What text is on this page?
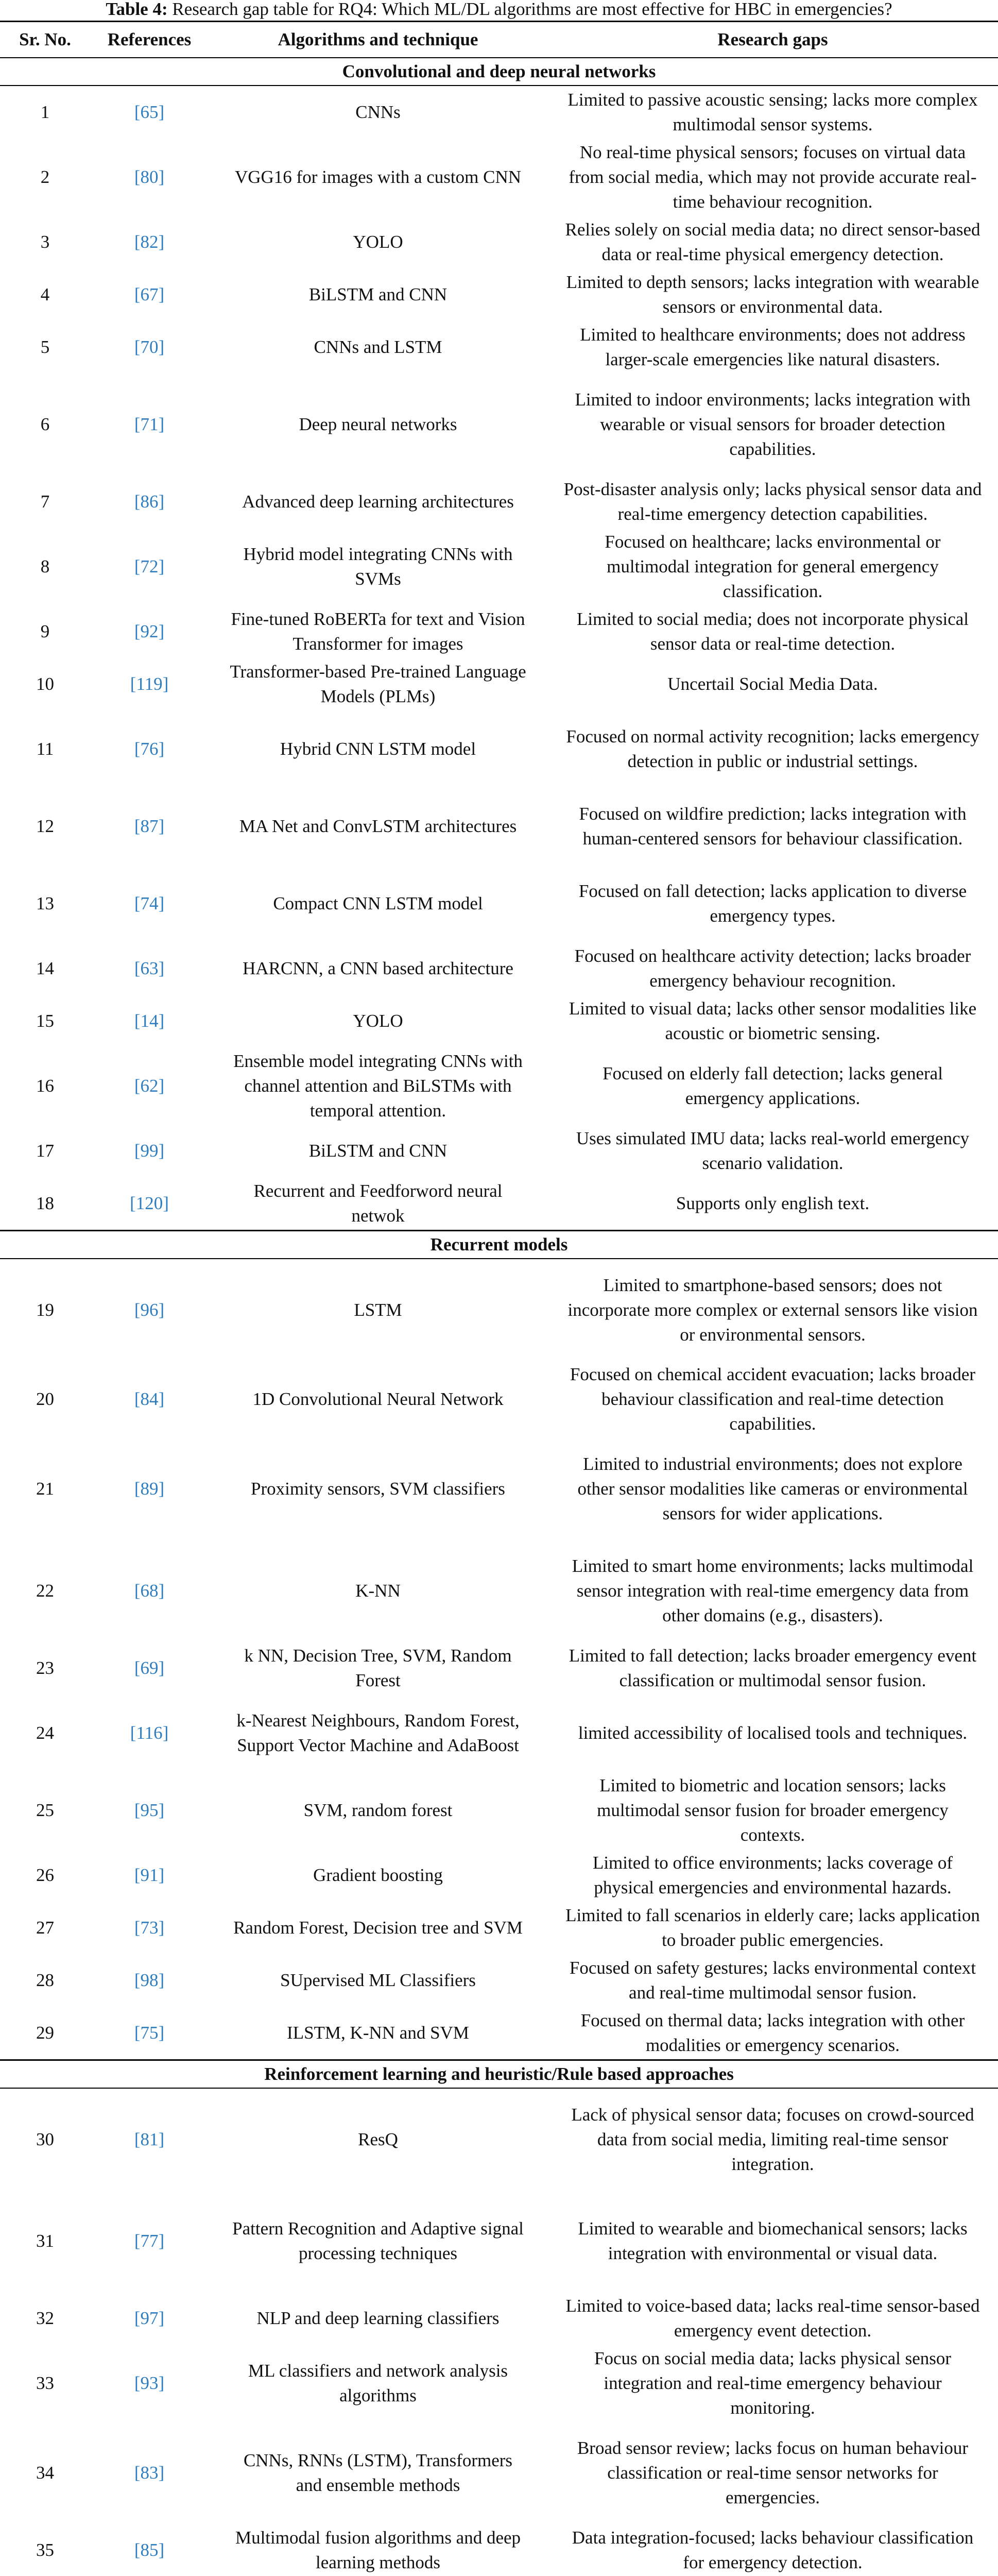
Table 4: Research gap table for RQ4: Which ML/DL algorithms are most effective for HBC in emergencies?
Sr. No.	References	Algorithms and technique	Research gaps
Convolutional and deep neural networks			
1	[65]	CNNs	Limited to passive acoustic sensing; lacks more complex multimodal sensor systems.
2	[80]	VGG16 for images with a custom CNN	No real-time physical sensors; focuses on virtual data from social media, which may not provide accurate real-time behaviour recognition.
3	[82]	YOLO	Relies solely on social media data; no direct sensor-based data or real-time physical emergency detection.
4	[67]	BiLSTM and CNN	Limited to depth sensors; lacks integration with wearable sensors or environmental data.
5	[70]	CNNs and LSTM	Limited to healthcare environments; does not address larger-scale emergencies like natural disasters.
6	[71]	Deep neural networks	Limited to indoor environments; lacks integration with wearable or visual sensors for broader detection capabilities.
7	[86]	Advanced deep learning architectures	Post-disaster analysis only; lacks physical sensor data and real-time emergency detection capabilities.
8	[72]	Hybrid model integrating CNNs with SVMs	Focused on healthcare; lacks environmental or multimodal integration for general emergency classification.
9	[92]	Fine-tuned RoBERTa for text and Vision Transformer for images	Limited to social media; does not incorporate physical sensor data or real-time detection.
10	[119]	Transformer-based Pre-trained Language Models (PLMs)	Uncertail Social Media Data.
11	[76]	Hybrid CNN LSTM model	Focused on normal activity recognition; lacks emergency detection in public or industrial settings.
12	[87]	MA Net and ConvLSTM architectures	Focused on wildfire prediction; lacks integration with human-centered sensors for behaviour classification.
13	[74]	Compact CNN LSTM model	Focused on fall detection; lacks application to diverse emergency types.
14	[63]	HARCNN, a CNN based architecture	Focused on healthcare activity detection; lacks broader emergency behaviour recognition.
15	[14]	YOLO	Limited to visual data; lacks other sensor modalities like acoustic or biometric sensing.
16	[62]	Ensemble model integrating CNNs with channel attention and BiLSTMs with temporal attention.	Focused on elderly fall detection; lacks general emergency applications.
17	[99]	BiLSTM and CNN	Uses simulated IMU data; lacks real-world emergency scenario validation.
18	[120]	Recurrent and Feedforword neural netwok	Supports only english text.
Recurrent models			
19	[96]	LSTM	Limited to smartphone-based sensors; does not incorporate more complex or external sensors like vision or environmental sensors.
20	[84]	1D Convolutional Neural Network	Focused on chemical accident evacuation; lacks broader behaviour classification and real-time detection capabilities.
21	[89]	Proximity sensors, SVM classifiers	Limited to industrial environments; does not explore other sensor modalities like cameras or environmental sensors for wider applications.
22	[68]	K-NN	Limited to smart home environments; lacks multimodal sensor integration with real-time emergency data from other domains (e.g., disasters).
23	[69]	k NN, Decision Tree, SVM, Random Forest	Limited to fall detection; lacks broader emergency event classification or multimodal sensor fusion.
24	[116]	k-Nearest Neighbours, Random Forest, Support Vector Machine and AdaBoost	limited accessibility of localised tools and techniques.
25	[95]	SVM, random forest	Limited to biometric and location sensors; lacks multimodal sensor fusion for broader emergency contexts.
26	[91]	Gradient boosting	Limited to office environments; lacks coverage of physical emergencies and environmental hazards.
27	[73]	Random Forest, Decision tree and SVM	Limited to fall scenarios in elderly care; lacks application to broader public emergencies.
28	[98]	SUpervised ML Classifiers	Focused on safety gestures; lacks environmental context and real-time multimodal sensor fusion.
29	[75]	ILSTM, K-NN and SVM	Focused on thermal data; lacks integration with other modalities or emergency scenarios.
Reinforcement learning and heuristic/Rule based approaches			
30	[81]	ResQ	Lack of physical sensor data; focuses on crowd-sourced data from social media, limiting real-time sensor integration.
31	[77]	Pattern Recognition and Adaptive signal processing techniques	Limited to wearable and biomechanical sensors; lacks integration with environmental or visual data.
32	[97]	NLP and deep learning classifiers	Limited to voice-based data; lacks real-time sensor-based emergency event detection.
33	[93]	ML classifiers and network analysis algorithms	Focus on social media data; lacks physical sensor integration and real-time emergency behaviour monitoring.
34	[83]	CNNs, RNNs (LSTM), Transformers and ensemble methods	Broad sensor review; lacks focus on human behaviour classification or real-time sensor networks for emergencies.
35	[85]	Multimodal fusion algorithms and deep learning methods	Data integration-focused; lacks behaviour classification for emergency detection.
